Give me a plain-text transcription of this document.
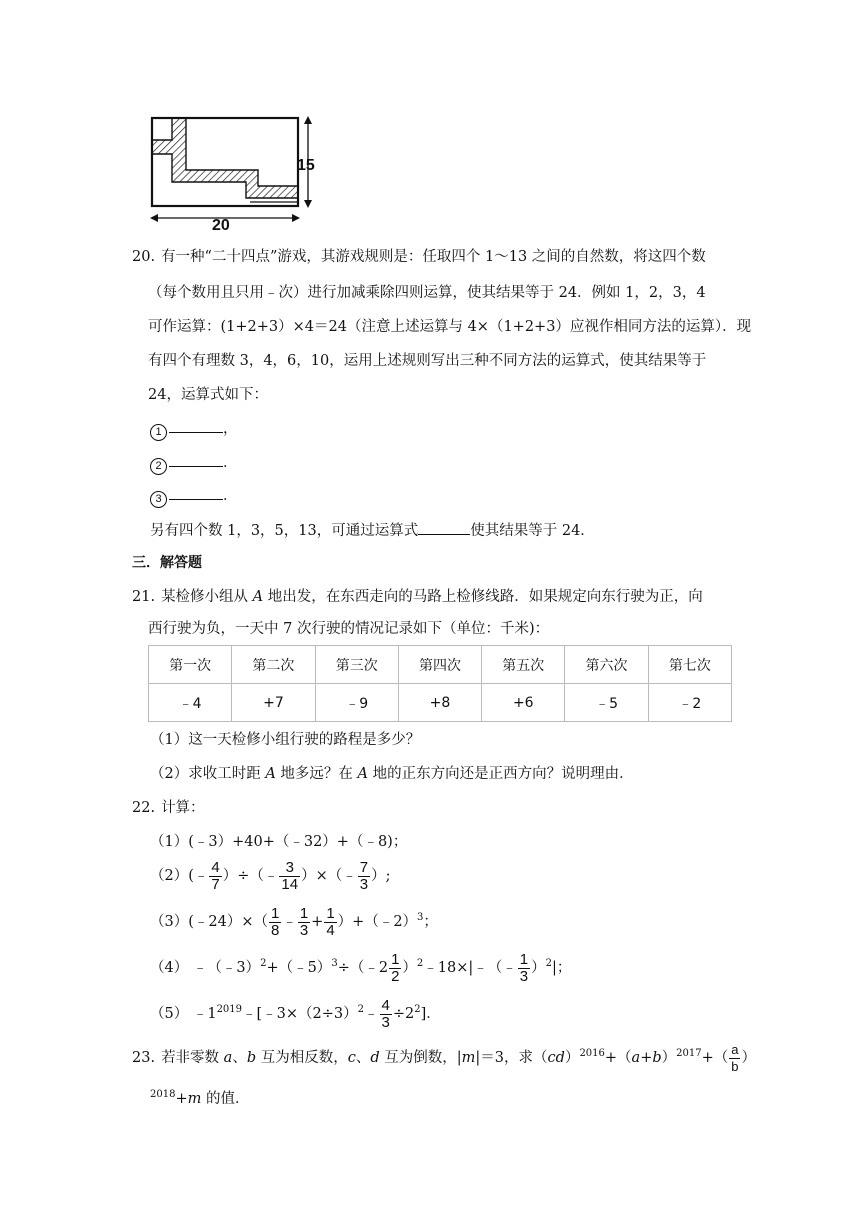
15
20
20. 有一种“二十四点”游戏，其游戏规则是：任取四个 1～13 之间的自然数，将这四个数
（每个数用且只用﹣次）进行加减乘除四则运算，使其结果等于 24．例如 1，2，3，4
可作运算：(1+2+3）×4＝24（注意上述运算与 4×（1+2+3）应视作相同方法的运算）．现
有四个有理数 3，4，6，10，运用上述规则写出三种不同方法的运算式，使其结果等于
24，运算式如下：
1	，
2	．
3	．
另有四个数 1，3，5，13，可通过运算式	使其结果等于 24．
三．解答题
21. 某检修小组从 A 地出发，在东西走向的马路上检修线路．如果规定向东行驶为正，向
西行驶为负，一天中 7 次行驶的情况记录如下（单位：千米)：
第一次	第二次	第三次	第四次	第五次	第六次	第七次
﹣4	+7	﹣9	+8	+6	﹣5	﹣2
（1）这一天检修小组行驶的路程是多少？
（2）求收工时距 A 地多远？在 A 地的正东方向还是正西方向？说明理由．
22. 计算：
（1）(﹣3）+40+（﹣32）+（﹣8)；
（2）(﹣ $\frac{4}{7}$ ）÷（﹣ $\frac{3}{14}$ ）×（﹣ $\frac{7}{3}$ ）;
（3）(﹣24）×（ $\frac{1}{8}$ ﹣ $\frac{1}{3} + \frac{1}{4}$ ）+（﹣2）$^3$；
（4） ﹣（﹣3）$^2$+（﹣5）$^3$÷（﹣2 $\frac{1}{2}$ ）$^2$﹣18×|﹣（﹣ $\frac{1}{3} )^2|$；
（5） $﹣1^{2019}﹣[﹣3\times(2\div 3)^2﹣ \frac{4}{3} \div 2^2]$．
23. 若非零数 a、b 互为相反数，c、d 互为倒数，|m|＝3，求$(cd)^{2016}+(a+b)^{2017}+( \frac{a}{b}$ ）
$^{2018}$+m 的值．
